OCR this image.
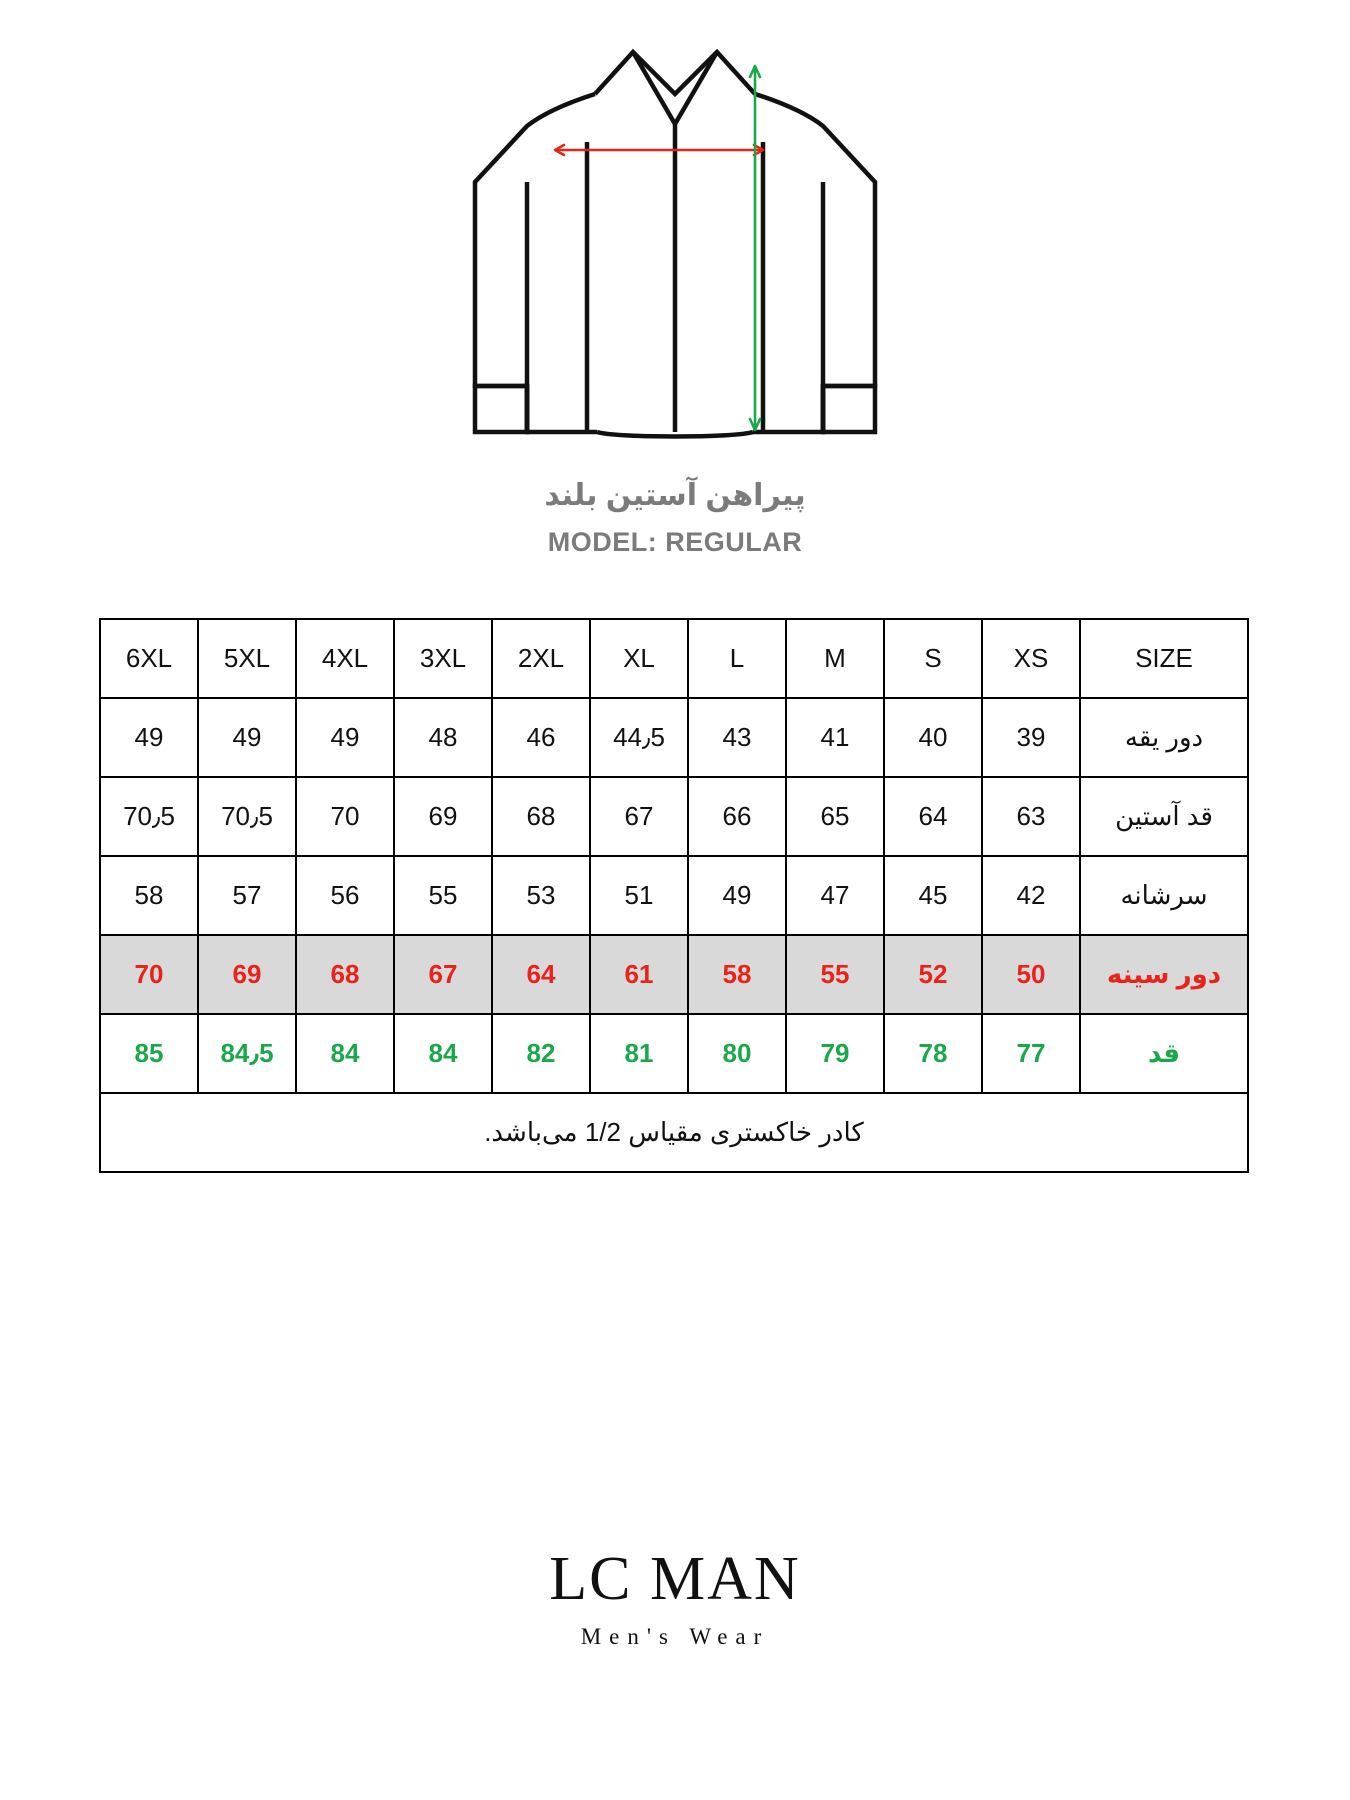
پیراهن آستین بلند
MODEL: REGULAR
SIZE	XS	S	M	L	XL	2XL	3XL	4XL	5XL	6XL
دور یقه	39	40	41	43	44٫5	46	48	49	49	49
قد آستین	63	64	65	66	67	68	69	70	70٫5	70٫5
سرشانه	42	45	47	49	51	53	55	56	57	58
دور سینه	50	52	55	58	61	64	67	68	69	70
قد	77	78	79	80	81	82	84	84	84٫5	85
کادر خاکستری مقیاس 1/2 می‌باشد.										
LC MAN
Men's Wear
